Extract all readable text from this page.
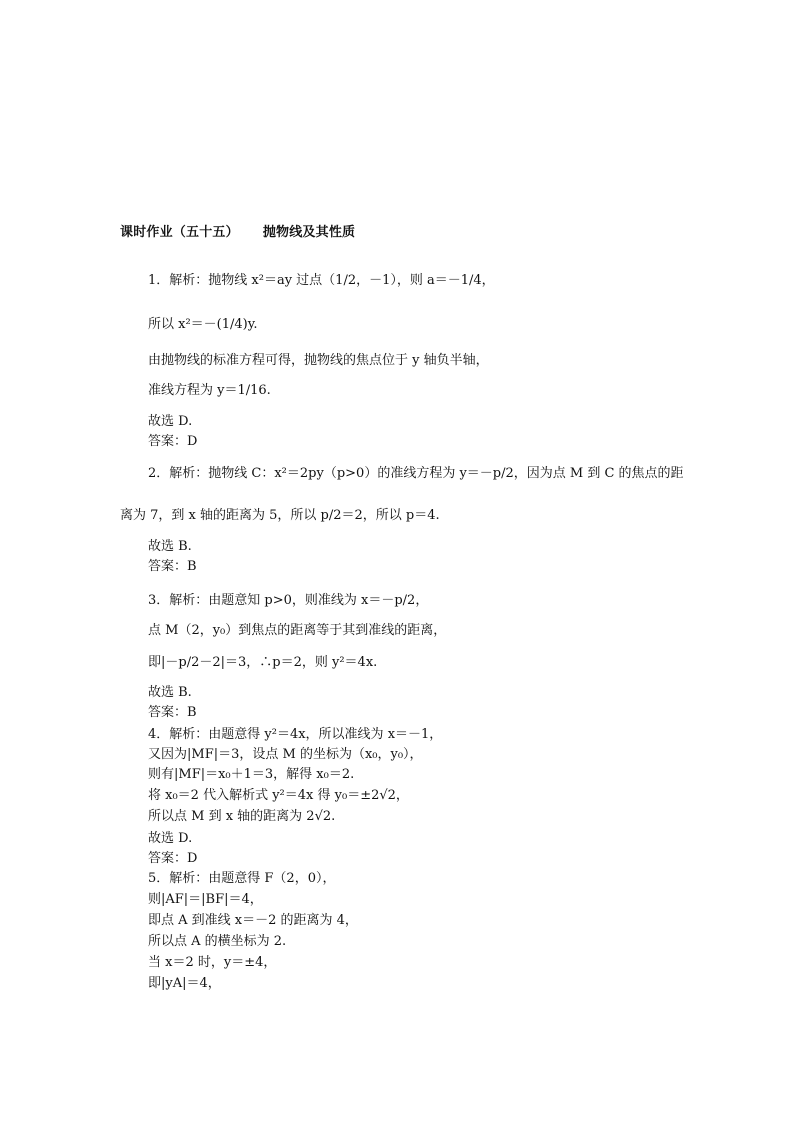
课时作业（五十五） 抛物线及其性质
1．解析：抛物线 x²＝ay 过点（1/2，－1），则 a＝－1/4，
所以 x²＝－(1/4)y.
由抛物线的标准方程可得，抛物线的焦点位于 y 轴负半轴，
准线方程为 y＝1/16.
故选 D.
答案：D
2．解析：抛物线 C：x²＝2py（p>0）的准线方程为 y＝－p/2，因为点 M 到 C 的焦点的距
离为 7，到 x 轴的距离为 5，所以 p/2＝2，所以 p＝4.
故选 B.
答案：B
3．解析：由题意知 p>0，则准线为 x＝－p/2，
点 M（2，y₀）到焦点的距离等于其到准线的距离，
即|－p/2－2|＝3，∴p＝2，则 y²＝4x.
故选 B.
答案：B
4．解析：由题意得 y²＝4x，所以准线为 x＝－1，
又因为|MF|＝3，设点 M 的坐标为（x₀，y₀），
则有|MF|＝x₀＋1＝3，解得 x₀＝2.
将 x₀＝2 代入解析式 y²＝4x 得 y₀＝±2√2，
所以点 M 到 x 轴的距离为 2√2.
故选 D.
答案：D
5．解析：由题意得 F（2，0），
则|AF|＝|BF|＝4，
即点 A 到准线 x＝－2 的距离为 4，
所以点 A 的横坐标为 2.
当 x＝2 时，y＝±4，
即|yA|＝4，
